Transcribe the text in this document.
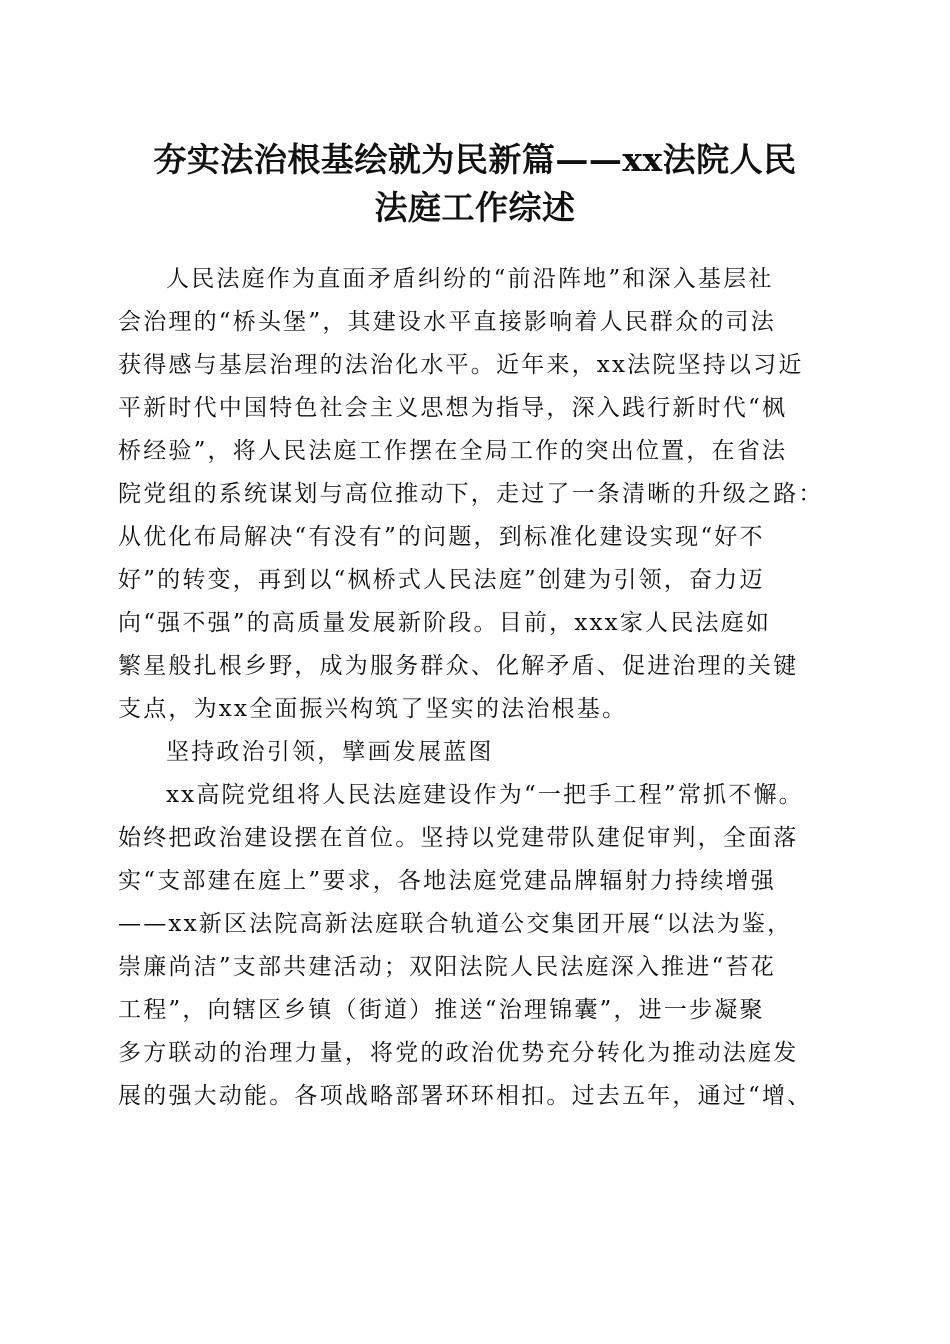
夯实法治根基绘就为民新篇——xx法院人民
法庭工作综述
人民法庭作为直面矛盾纠纷的“前沿阵地”和深入基层社
会治理的“桥头堡”，其建设水平直接影响着人民群众的司法
获得感与基层治理的法治化水平。近年来，xx法院坚持以习近
平新时代中国特色社会主义思想为指导，深入践行新时代“枫
桥经验”，将人民法庭工作摆在全局工作的突出位置，在省法
院党组的系统谋划与高位推动下，走过了一条清晰的升级之路：
从优化布局解决“有没有”的问题，到标准化建设实现“好不
好”的转变，再到以“枫桥式人民法庭”创建为引领，奋力迈
向“强不强”的高质量发展新阶段。目前，xxx家人民法庭如
繁星般扎根乡野，成为服务群众、化解矛盾、促进治理的关键
支点，为xx全面振兴构筑了坚实的法治根基。
坚持政治引领，擘画发展蓝图
xx高院党组将人民法庭建设作为“一把手工程”常抓不懈。
始终把政治建设摆在首位。坚持以党建带队建促审判，全面落
实“支部建在庭上”要求，各地法庭党建品牌辐射力持续增强
——xx新区法院高新法庭联合轨道公交集团开展“以法为鉴，
崇廉尚洁”支部共建活动；双阳法院人民法庭深入推进“苔花
工程”，向辖区乡镇（街道）推送“治理锦囊”，进一步凝聚
多方联动的治理力量，将党的政治优势充分转化为推动法庭发
展的强大动能。各项战略部署环环相扣。过去五年，通过“增、
